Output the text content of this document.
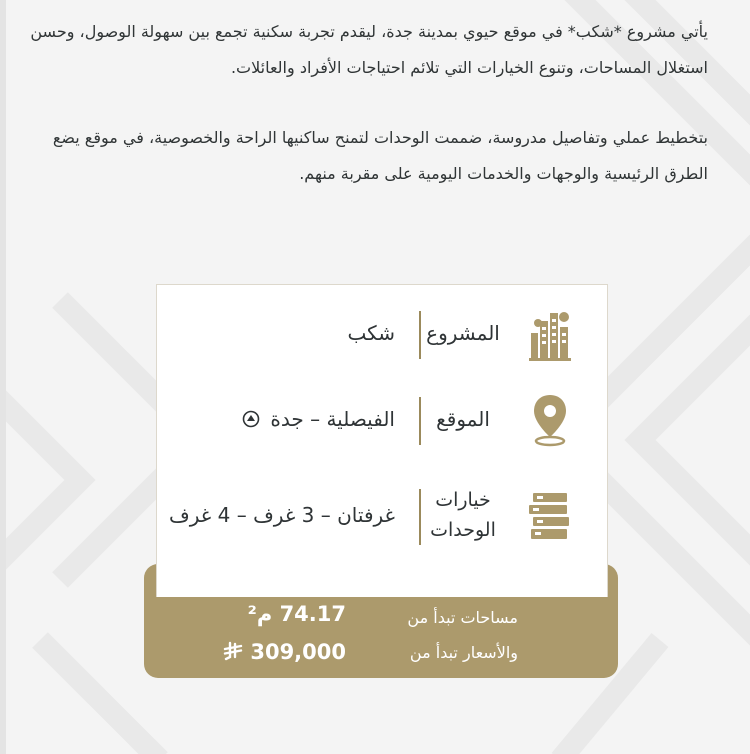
يأتي مشروع *شكب* في موقع حيوي بمدينة جدة، ليقدم تجربة سكنية تجمع بين سهولة الوصول، وحسن استغلال المساحات، وتنوع الخيارات التي تلائم احتياجات الأفراد والعائلات.

بتخطيط عملي وتفاصيل مدروسة، ضممت الوحدات لتمنح ساكنيها الراحة والخصوصية، في موقع يضع الطرق الرئيسية والوجهات والخدمات اليومية على مقربة منهم.

المشروع
شكب
الموقع
الفيصلية – جدة
خيارات الوحدات
غرفتان – 3 غرف – 4 غرف
مساحات تبدأ من
74.17 م²
والأسعار تبدأ من
309,000
